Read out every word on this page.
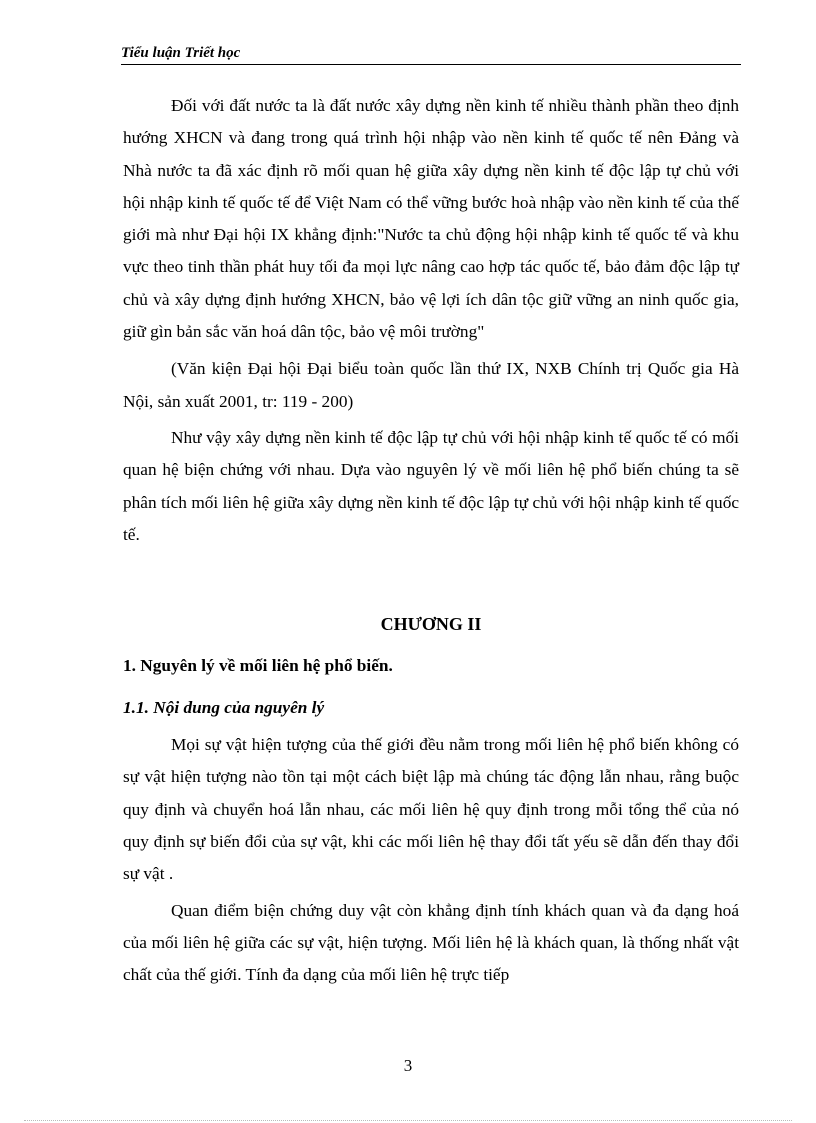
Tiểu luận Triết học

Đối với đất nước ta là đất nước xây dựng nền kinh tế nhiều thành phần theo định hướng XHCN và đang trong quá trình hội nhập vào nền kinh tế quốc tế nên Đảng và Nhà nước ta đã xác định rõ mối quan hệ giữa xây dựng nền kinh tế độc lập tự chủ với hội nhập kinh tế quốc tế để Việt Nam có thể vững bước hoà nhập vào nền kinh tế của thế giới mà như Đại hội IX khẳng định:"Nước ta chủ động hội nhập kinh tế quốc tế và khu vực theo tinh thần phát huy tối đa mọi lực nâng cao hợp tác quốc tế, bảo đảm độc lập tự chủ và xây dựng định hướng XHCN, bảo vệ lợi ích dân tộc giữ vững an ninh quốc gia, giữ gìn bản sắc văn hoá dân tộc, bảo vệ môi trường"

(Văn kiện Đại hội Đại biểu toàn quốc lần thứ IX, NXB Chính trị Quốc gia Hà Nội, sản xuất 2001, tr: 119 - 200)

Như vậy xây dựng nền kinh tế độc lập tự chủ với hội nhập kinh tế quốc tế có mối quan hệ biện chứng với nhau. Dựa vào nguyên lý về mối liên hệ phổ biến chúng ta sẽ phân tích mối liên hệ giữa xây dựng nền kinh tế độc lập tự chủ với hội nhập kinh tế quốc tế.

CHƯƠNG II
1. Nguyên lý về mối liên hệ phổ biến.
1.1. Nội dung của nguyên lý

Mọi sự vật hiện tượng của thế giới đều nằm trong mối liên hệ phổ biến không có sự vật hiện tượng nào tồn tại một cách biệt lập mà chúng tác động lẫn nhau, rằng buộc quy định và chuyển hoá lẫn nhau, các mối liên hệ quy định trong mỗi tổng thể của nó quy định sự biến đổi của sự vật, khi các mối liên hệ thay đổi tất yếu sẽ dẫn đến thay đổi sự vật .

Quan điểm biện chứng duy vật còn khẳng định tính khách quan và đa dạng hoá của mối liên hệ giữa các sự vật, hiện tượng. Mối liên hệ là khách quan, là thống nhất vật chất của thế giới. Tính đa dạng của mối liên hệ trực tiếp

3
